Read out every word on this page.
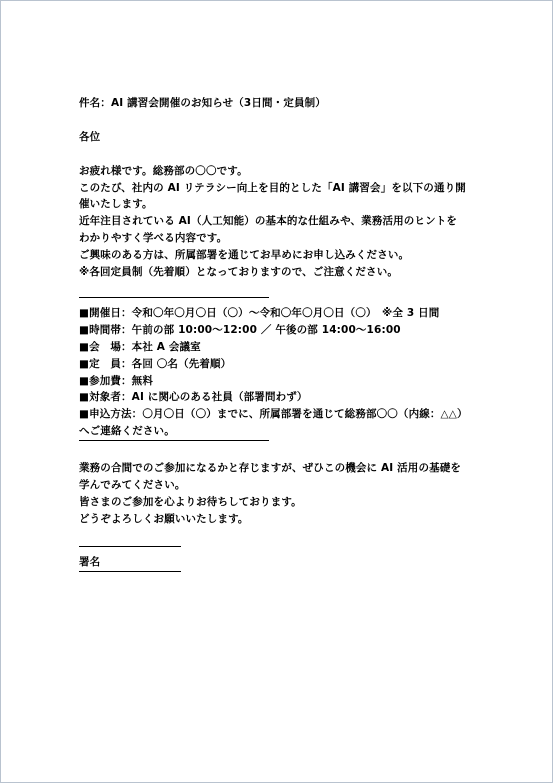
件名：AI 講習会開催のお知らせ（3日間・定員制）
各位
お疲れ様です。総務部の〇〇です。
このたび、社内の AI リテラシー向上を目的とした「AI 講習会」を以下の通り開
催いたします。
近年注目されている AI（人工知能）の基本的な仕組みや、業務活用のヒントを
わかりやすく学べる内容です。
ご興味のある方は、所属部署を通じてお早めにお申し込みください。
※各回定員制（先着順）となっておりますので、ご注意ください。
■開催日：令和〇年〇月〇日（〇）～令和〇年〇月〇日（〇）　※全 3 日間
■時間帯：午前の部 10:00～12:00 ／ 午後の部 14:00～16:00
■会　場：本社 A 会議室
■定　員：各回 〇名（先着順）
■参加費：無料
■対象者：AI に関心のある社員（部署問わず）
■申込方法：〇月〇日（〇）までに、所属部署を通じて総務部〇〇（内線：△△）
へご連絡ください。
業務の合間でのご参加になるかと存じますが、ぜひこの機会に AI 活用の基礎を
学んでみてください。
皆さまのご参加を心よりお待ちしております。
どうぞよろしくお願いいたします。
署名
